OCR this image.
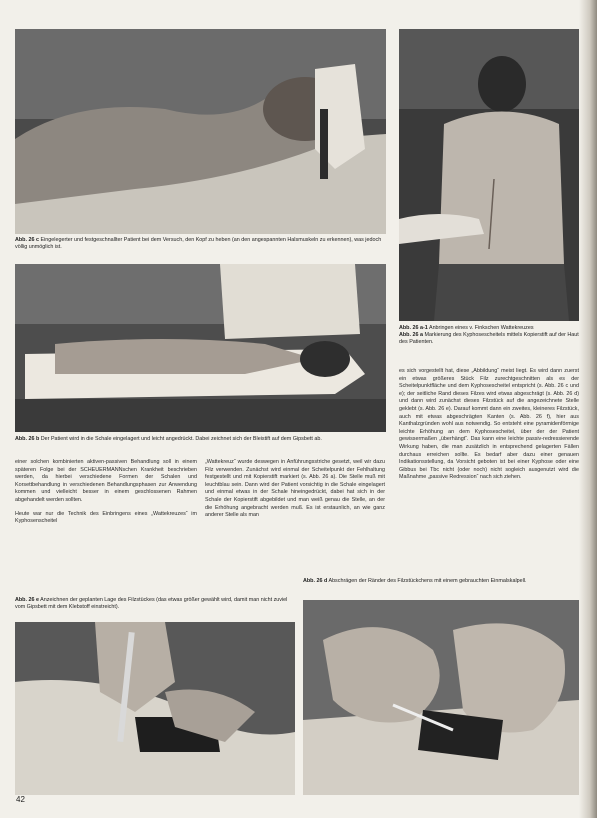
Abb. 26 c Eingelegerter und festgeschnallter Patient bei dem Versuch, den Kopf zu heben (an den angespannten Halsmuskeln zu erkennen), was jedoch völlig unmöglich ist.
Abb. 26 a-1 Anbringen eines v. Finkschen Wattekreuzes
Abb. 26 a Markierung des Kyphosescheitels mittels Kopierstift auf der Haut des Patienten.
Abb. 26 b Der Patient wird in die Schale eingelagert und leicht angedrückt. Dabei zeichnet sich der Bleistift auf dem Gipsbett ab.
einer solchen kombinierten aktiven-passiven Behandlung soll in einem späteren Folge bei der SCHEUERMANNschen Krankheit beschrieben werden, da hierbei verschiedene Formen der Schalen und Korsettbehandlung in verschiedenen Behandlungsphasen zur Anwendung kommen und vielleicht besser in einem geschlossenen Rahmen abgehandelt werden sollten.
Heute war nur die Technik des Einbringens eines „Wattekreuzes“ im Kyphosenscheitel
„Wattekreuz“ wurde deswegen in Anführungsstriche gesetzt, weil wir dazu Filz verwenden. Zunächst wird einmal der Scheitelpunkt der Fehlhaltung festgestellt und mit Kopierstift markiert (s. Abb. 26 a). Die Stelle muß mit leuchtblau sein. Dann wird der Patient vorsichtig in die Schale eingelagert und einmal etwas in der Schale hineingedrückt, dabei hat sich in der Schale der Kopierstift abgebildet und man weiß genau die Stelle, an der die Erhöhung angebracht werden muß. Es ist erstaunlich, an wie ganz anderer Stelle als man
es sich vorgestellt hat, diese „Abbildung“ meist liegt. Es wird dann zuerst ein etwas größeres Stück Filz zurechtgeschnitten als es der Scheitelpunktfläche und dem Kyphosescheitel entspricht (s. Abb. 26 c und e); der seitliche Rand dieses Filzes wird etwas abgeschrägt (s. Abb. 26 d) und dann wird zunächst dieses Filzstück auf die angezeichnete Stelle geklebt (s. Abb. 26 e). Darauf kommt dann ein zweites, kleineres Filzstück, auch mit etwas abgeschrägten Kanten (s. Abb. 26 f), hier aus Kanthalzgründen wohl aus notwendig. So entsteht eine pyramidenförmige leichte Erhöhung an dem Kyphosescheitel, über der der Patient gewissermaßen „überhängt“. Das kann eine leichte passiv-redressierende Wirkung haben, die man zusätzlich in entsprechend gelagerten Fällen durchaus erreichen sollte. Es bedarf aber dazu einer genauen Indikationsstellung, da Vorsicht geboten ist bei einer Kyphose oder eine Gibbus bei Tbc nicht (oder noch) nicht sogleich ausgenutzt wird die Maßnahme „passive Redression“ nach sich ziehen.
Abb. 26 e Anzeichnen der geplanten Lage des Filzstückes (das etwas größer gewählt wird, damit man nicht zuviel vom Gipsbett mit dem Klebstoff einstreicht).
Abb. 26 d Abschrägen der Ränder des Filzstückchens mit einem gebrauchten Einmalskalpell.
42
